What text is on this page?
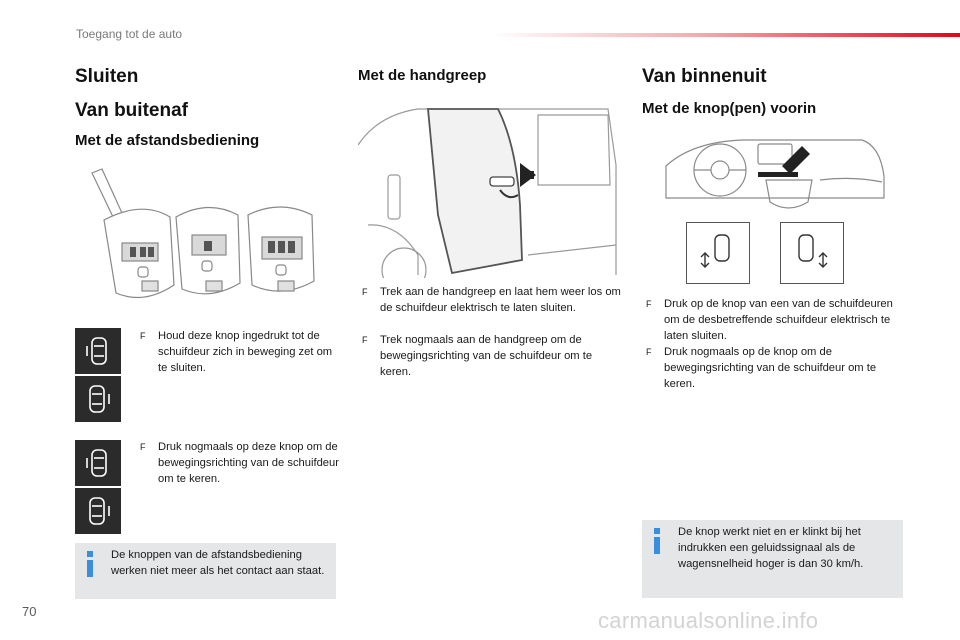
Toegang tot de auto
Sluiten
Van buitenaf
Met de afstandsbediening
F	Houd deze knop ingedrukt tot de schuifdeur zich in beweging zet om te sluiten.
F	Druk nogmaals op deze knop om de bewegingsrichting van de schuifdeur om te keren.
De knoppen van de afstandsbediening werken niet meer als het contact aan staat.
Met de handgreep
F	Trek aan de handgreep en laat hem weer los om de schuifdeur elektrisch te laten sluiten.
F	Trek nogmaals aan de handgreep om de bewegingsrichting van de schuifdeur om te keren.
Van binnenuit
Met de knop(pen) voorin
F	Druk op de knop van een van de schuifdeuren om de desbetreffende schuifdeur elektrisch te laten sluiten.
F	Druk nogmaals op de knop om de bewegingsrichting van de schuifdeur om te keren.
De knop werkt niet en er klinkt bij het indrukken een geluidssignaal als de wagensnelheid hoger is dan 30 km/h.
70	carmanualsonline.info
